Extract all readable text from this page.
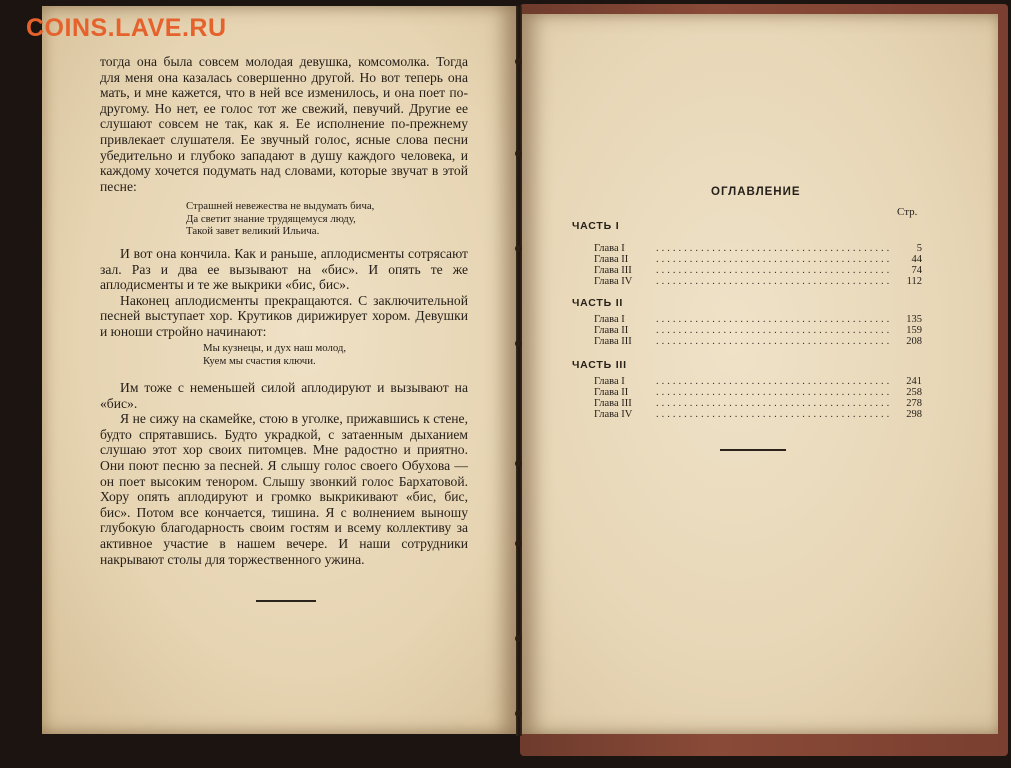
COINS.LAVE.RU

тогда она была совсем молодая девушка, комсомолка. Тогда для меня она казалась совершенно другой. Но вот теперь она мать, и мне кажется, что в ней все изменилось, и она поет по-другому. Но нет, ее голос тот же свежий, певучий. Другие ее слушают совсем не так, как я. Ее исполнение по-прежнему привлекает слушателя. Ее звучный голос, ясные слова песни убедительно и глубоко западают в душу каждого человека, и каждому хочется подумать над словами, которые звучат в этой песне:

Страшней невежества не выдумать бича,
Да светит знание трудящемуся люду,
Такой завет великий Ильича.

И вот она кончила. Как и раньше, аплодисменты сотрясают зал. Раз и два ее вызывают на «бис». И опять те же аплодисменты и те же выкрики «бис, бис».

Наконец аплодисменты прекращаются. С заключительной песней выступает хор. Крутиков дирижирует хором. Девушки и юноши стройно начинают:

Мы кузнецы, и дух наш молод,
Куем мы счастия ключи.

Им тоже с неменьшей силой аплодируют и вызывают на «бис».

Я не сижу на скамейке, стою в уголке, прижавшись к стене, будто спрятавшись. Будто украдкой, с затаенным дыханием слушаю этот хор своих питомцев. Мне радостно и приятно. Они поют песню за песней. Я слышу голос своего Обухова — он поет высоким тенором. Слышу звонкий голос Бархатовой. Хору опять аплодируют и громко выкрикивают «бис, бис, бис». Потом все кончается, тишина. Я с волнением выношу глубокую благодарность своим гостям и всему коллективу за активное участие в нашем вечере. И наши сотрудники накрывают столы для торжественного ужина.

ОГЛАВЛЕНИЕ
Стр.
ЧАСТЬ I
Глава I	..........................................	5
Глава II	..........................................	44
Глава III	..........................................	74
Глава IV	..........................................	112
ЧАСТЬ II
Глава I	..........................................	135
Глава II	..........................................	159
Глава III	..........................................	208
ЧАСТЬ III
Глава I	..........................................	241
Глава II	..........................................	258
Глава III	..........................................	278
Глава IV	..........................................	298
